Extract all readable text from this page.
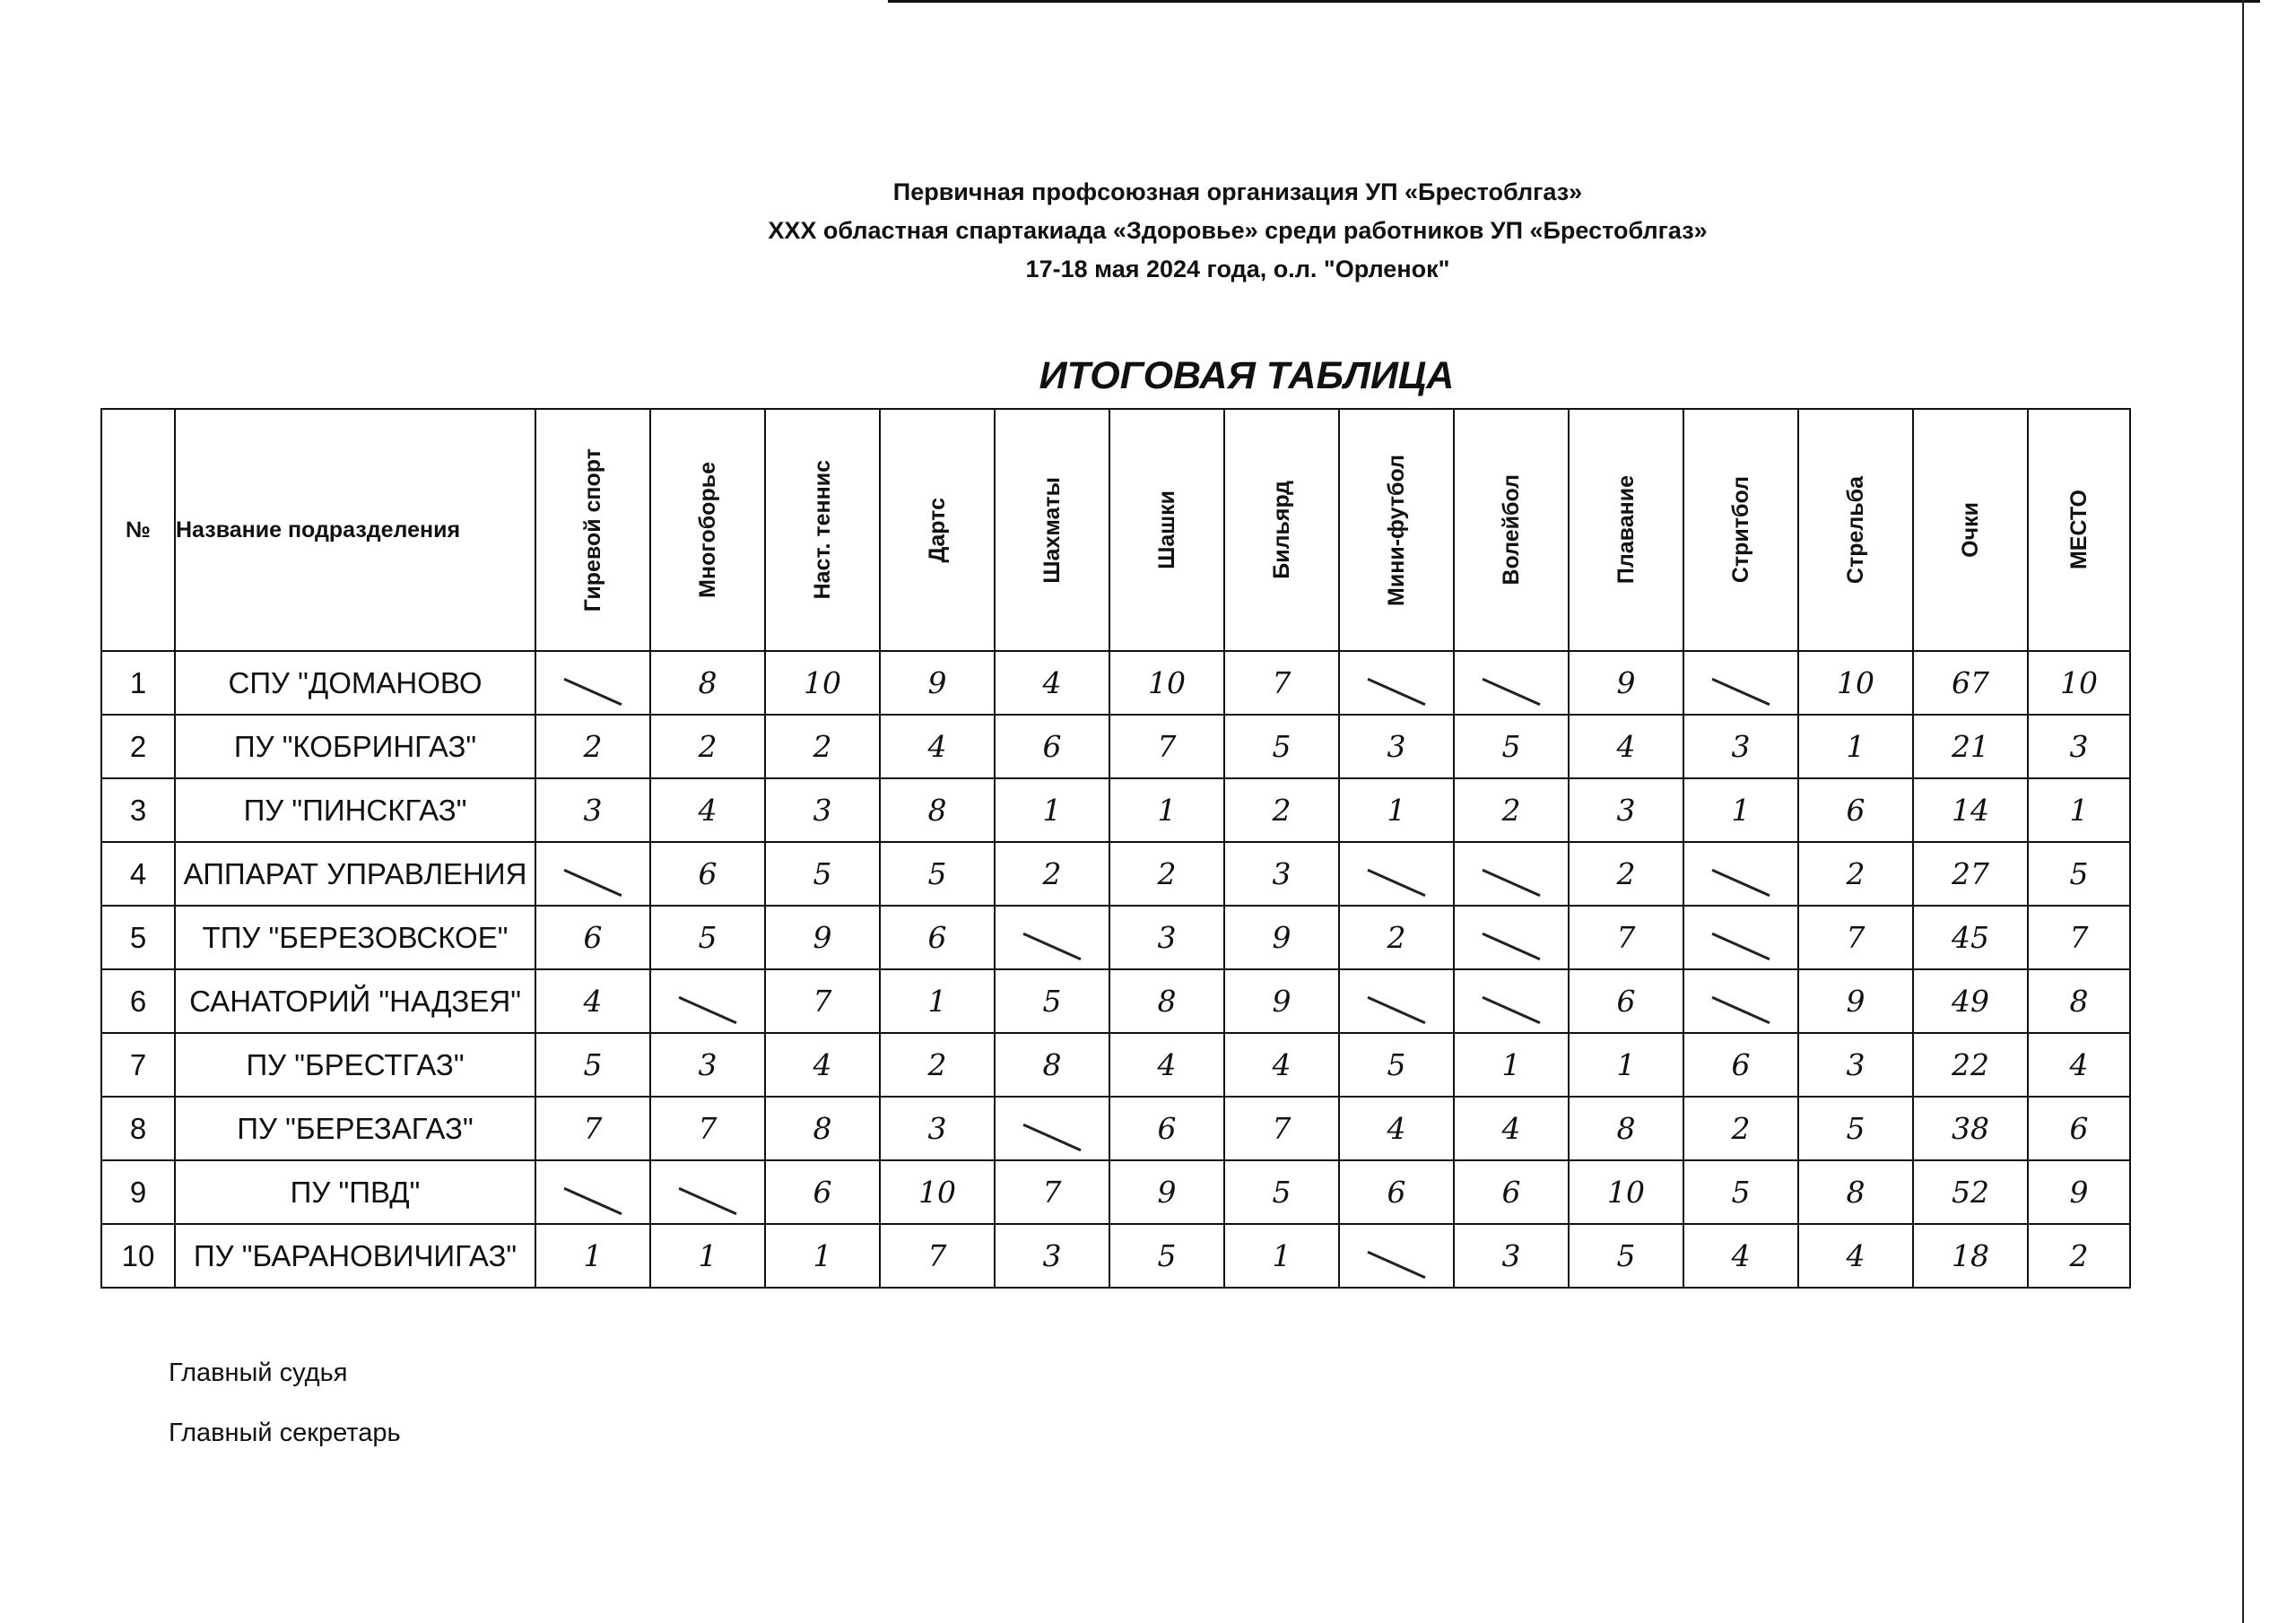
Первичная профсоюзная организация УП «Брестоблгаз»
XXX областная спартакиада «Здоровье» среди работников УП «Брестоблгаз»
17-18 мая 2024 года, о.л. "Орленок"
ИТОГОВАЯ ТАБЛИЦА
№	Название подразделения	Гиревой спорт	Многоборье	Наст. теннис	Дартс	Шахматы	Шашки	Бильярд	Мини-футбол	Волейбол	Плавание	Стритбол	Стрельба	Очки	МЕСТО

1	СПУ "ДОМАНОВО		8	10	9	4	10	7			9		10	67	10
2	ПУ "КОБРИНГАЗ"	2	2	2	4	6	7	5	3	5	4	3	1	21	3
3	ПУ "ПИНСКГАЗ"	3	4	3	8	1	1	2	1	2	3	1	6	14	1
4	АППАРАТ УПРАВЛЕНИЯ		6	5	5	2	2	3			2		2	27	5
5	ТПУ "БЕРЕЗОВСКОЕ"	6	5	9	6		3	9	2		7		7	45	7
6	САНАТОРИЙ "НАДЗЕЯ"	4		7	1	5	8	9			6		9	49	8
7	ПУ "БРЕСТГАЗ"	5	3	4	2	8	4	4	5	1	1	6	3	22	4
8	ПУ "БЕРЕЗАГАЗ"	7	7	8	3		6	7	4	4	8	2	5	38	6
9	ПУ "ПВД"			6	10	7	9	5	6	6	10	5	8	52	9
10	ПУ "БАРАНОВИЧИГАЗ"	1	1	1	7	3	5	1		3	5	4	4	18	2
Главный судья
Главный секретарь
